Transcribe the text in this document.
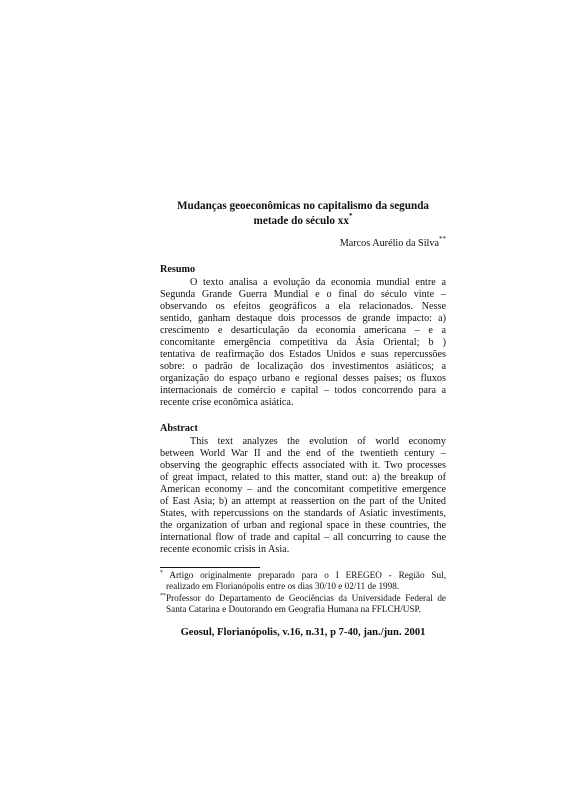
Mudanças geoeconômicas no capitalismo da segunda
metade do século xx*
Marcos Aurélio da Silva**
Resumo

O texto analisa a evolução da economia mundial entre a

Segunda Grande Guerra Mundial e o final do século vinte –

observando os efeitos geográficos a ela relacionados. Nesse

sentido, ganham destaque dois processos de grande impacto: a)

crescimento e desarticulação da economia americana – e a

concomitante emergência competitiva da Ásia Oriental; b )

tentativa de reafirmação dos Estados Unidos e suas repercussões

sobre: o padrão de localização dos investimentos asiáticos; a

organização do espaço urbano e regional desses países; os fluxos

internacionais de comércio e capital – todos concorrendo para a

recente crise econômica asiática.

Abstract

This text analyzes the evolution of world economy

between World War II and the end of the twentieth century –

observing the geographic effects associated with it. Two processes

of great impact, related to this matter, stand out: a) the breakup of

American economy – and the concomitant competitive emergence

of East Asia; b) an attempt at reassertion on the part of the United

States, with repercussions on the standards of Asiatic investiments,

the organization of urban and regional space in these countries, the

international flow of trade and capital – all concurring to cause the

recente economic crisis in Asia.

* Artigo originalmente preparado para o I EREGEO - Região Sul,
realizado em Florianópolis entre os dias 30/10 e 02/11 de 1998.
**Professor do Departamento de Geociências da Universidade Federal de
Santa Catarina e Doutorando em Geografia Humana na FFLCH/USP.
Geosul, Florianópolis, v.16, n.31, p 7-40, jan./jun. 2001
